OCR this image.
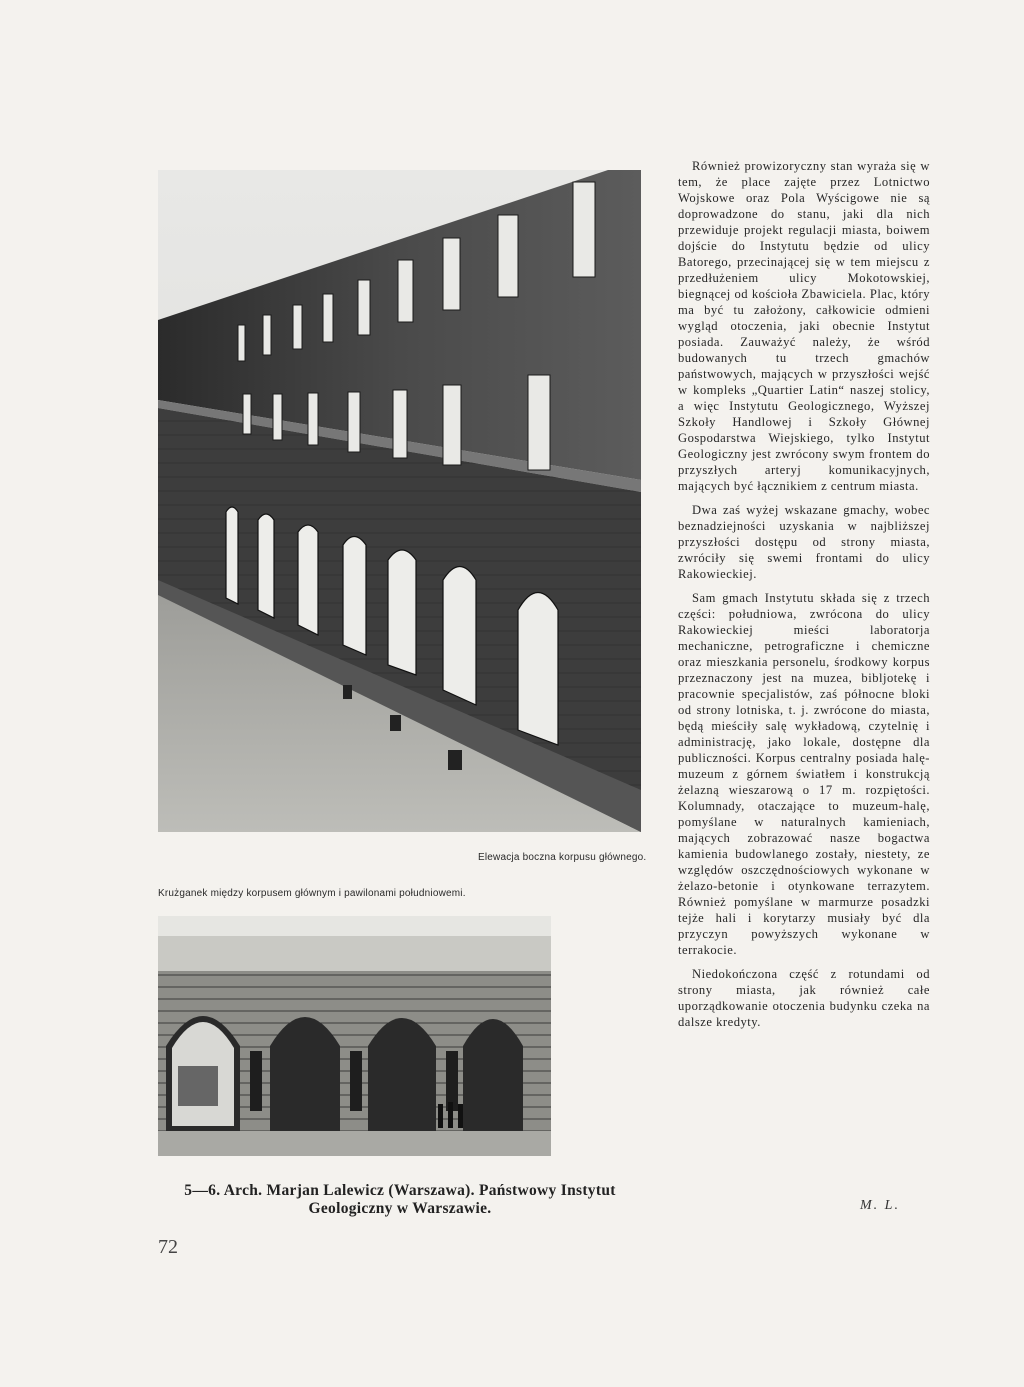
Elewacja boczna korpusu głównego.
Krużganek między korpusem głównym i pawilonami południowemi.
5—6. Arch. Marjan Lalewicz (Warszawa). Państwowy Instytut Geologiczny w Warszawie.

Również prowizoryczny stan wyraża się w tem, że place zajęte przez Lotnictwo Wojskowe oraz Pola Wyścigowe nie są doprowadzone do stanu, jaki dla nich przewiduje projekt regulacji miasta, boiwem dojście do Instytutu będzie od ulicy Batorego, przecinającej się w tem miejscu z przedłużeniem ulicy Mokotowskiej, biegnącej od kościoła Zbawiciela. Plac, który ma być tu założony, całkowicie odmieni wygląd otoczenia, jaki obecnie Instytut posiada. Zauważyć należy, że wśród budowanych tu trzech gmachów państwowych, mających w przyszłości wejść w kompleks „Quartier Latin“ naszej stolicy, a więc Instytutu Geologicznego, Wyższej Szkoły Handlowej i Szkoły Głównej Gospodarstwa Wiejskiego, tylko Instytut Geologiczny jest zwrócony swym frontem do przyszłych arteryj komunikacyjnych, mających być łącznikiem z centrum miasta.

Dwa zaś wyżej wskazane gmachy, wobec beznadziejności uzyskania w najbliższej przyszłości dostępu od strony miasta, zwróciły się swemi frontami do ulicy Rakowieckiej.

Sam gmach Instytutu składa się z trzech części: południowa, zwrócona do ulicy Rakowieckiej mieści laboratorja mechaniczne, petrograficzne i chemiczne oraz mieszkania personelu, środkowy korpus przeznaczony jest na muzea, bibljotekę i pracownie specjalistów, zaś północne bloki od strony lotniska, t. j. zwrócone do miasta, będą mieściły salę wykładową, czytelnię i administrację, jako lokale, dostępne dla publiczności. Korpus centralny posiada halę-muzeum z górnem światłem i konstrukcją żelazną wieszarową o 17 m. rozpiętości. Kolumnady, otaczające to muzeum-halę, pomyślane w naturalnych kamieniach, mających zobrazować nasze bogactwa kamienia budowlanego zostały, niestety, ze względów oszczędnościowych wykonane w żelazo-betonie i otynkowane terrazytem. Również pomyślane w marmurze posadzki tejże hali i korytarzy musiały być dla przyczyn powyższych wykonane w terrakocie.

Niedokończona część z rotundami od strony miasta, jak również całe uporządkowanie otoczenia budynku czeka na dalsze kredyty.

M. L.
72
